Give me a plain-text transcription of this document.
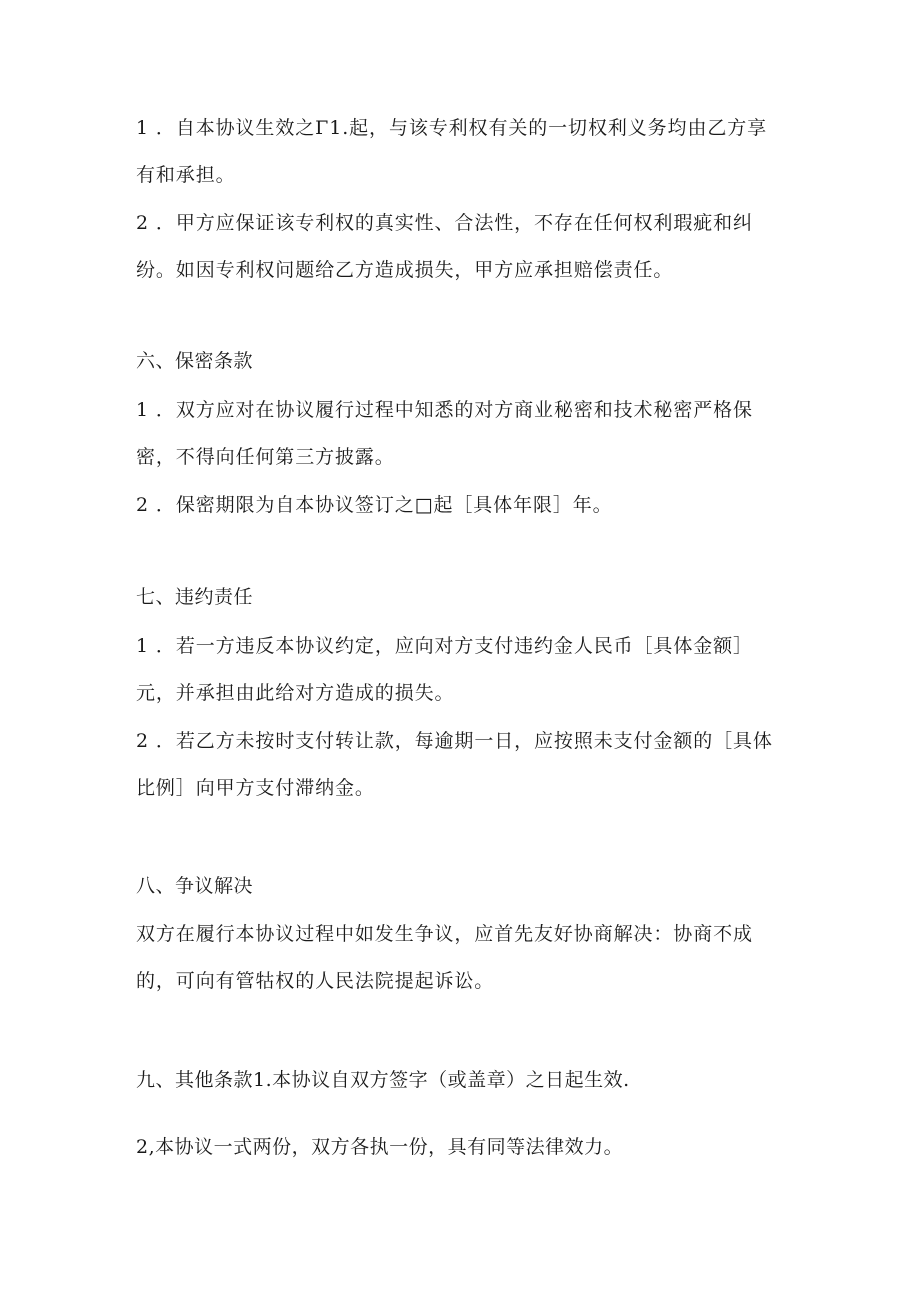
1 ．自本协议生效之Γ1.起，与该专利权有关的一切权利义务均由乙方享
有和承担。
2 ．甲方应保证该专利权的真实性、合法性，不存在任何权利瑕疵和纠
纷。如因专利权问题给乙方造成损失，甲方应承担赔偿责任。
六、保密条款
1 ．双方应对在协议履行过程中知悉的对方商业秘密和技术秘密严格保
密，不得向任何第三方披露。
2 ．保密期限为自本协议签订之□起［具体年限］年。
七、违约责任
1 ．若一方违反本协议约定，应向对方支付违约金人民币［具体金额］
元，并承担由此给对方造成的损失。
2 ．若乙方未按时支付转让款，每逾期一日，应按照未支付金额的［具体
比例］向甲方支付滞纳金。
八、争议解决
双方在履行本协议过程中如发生争议，应首先友好协商解决：协商不成
的，可向有管牯权的人民法院提起诉讼。
九、其他条款1.本协议自双方签字（或盖章）之日起生效.
2,本协议一式两份，双方各执一份，具有同等法律效力。
